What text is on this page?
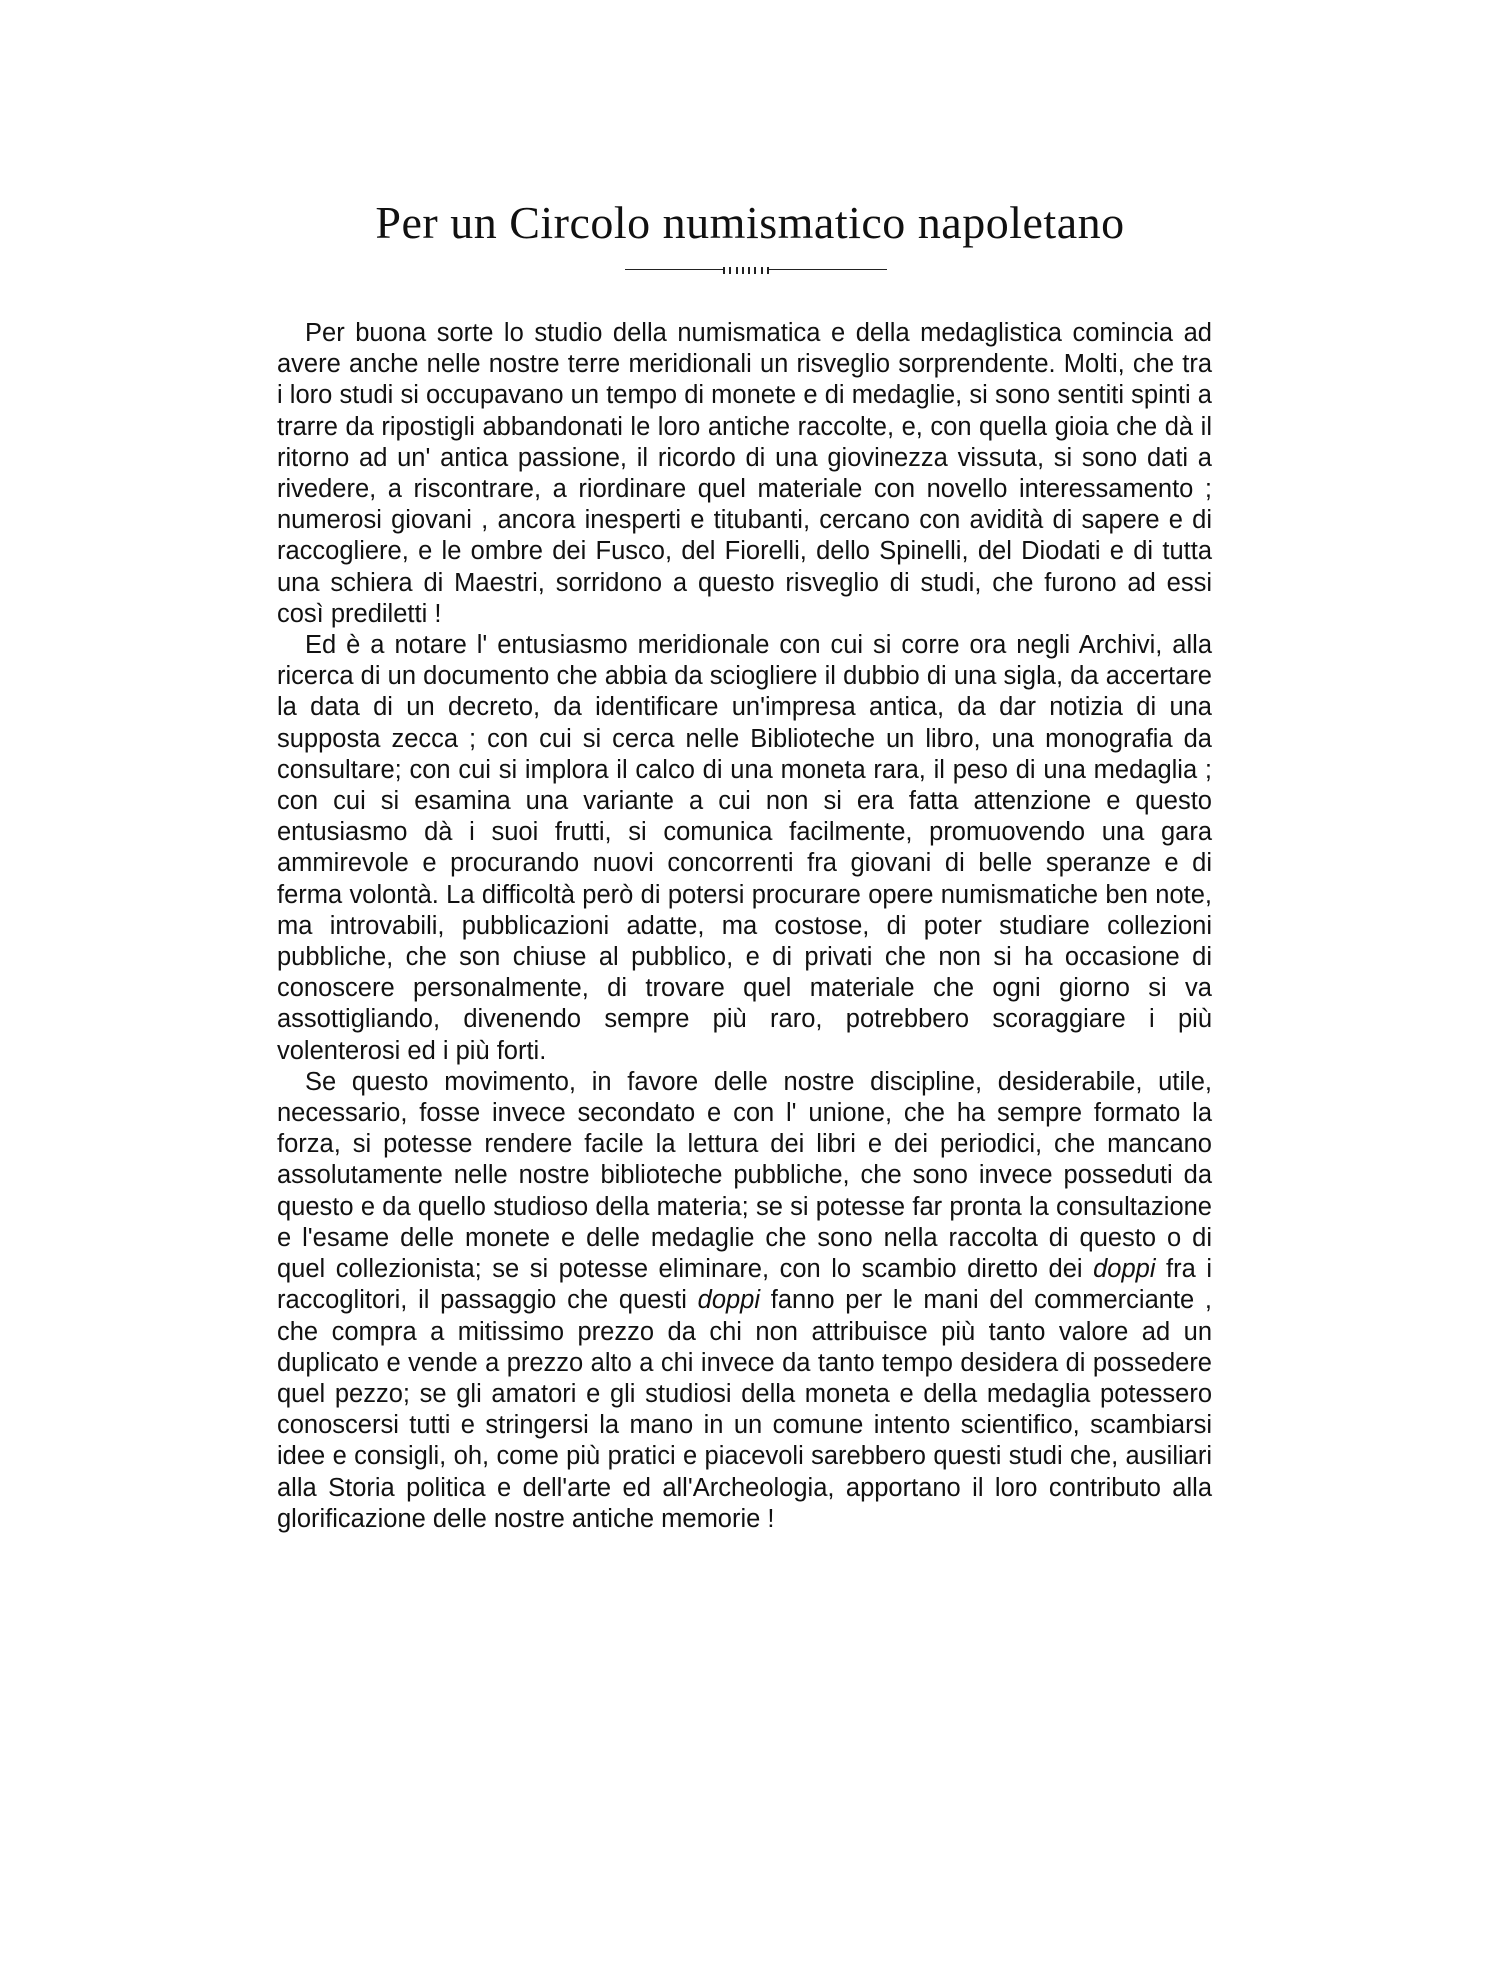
Per un Circolo numismatico napoletano

Per buona sorte lo studio della numismatica e della medaglistica comincia ad avere anche nelle nostre terre meridionali un risveglio sorprendente. Molti, che tra i loro studi si occupavano un tempo di monete e di medaglie, si sono sentiti spinti a trarre da ripostigli abbandonati le loro antiche raccolte, e, con quella gioia che dà il ritorno ad un' antica passione, il ricordo di una giovinezza vissuta, si sono dati a rivedere, a riscontrare, a riordinare quel materiale con novello interessamento ; numerosi giovani , ancora inesperti e titubanti, cercano con avidità di sapere e di raccogliere, e le ombre dei Fusco, del Fiorelli, dello Spinelli, del Diodati e di tutta una schiera di Maestri, sorridono a questo risveglio di studi, che furono ad essi così prediletti !

Ed è a notare l' entusiasmo meridionale con cui si corre ora negli Archivi, alla ricerca di un documento che abbia da sciogliere il dubbio di una sigla, da accertare la data di un decreto, da identificare un'impresa antica, da dar notizia di una supposta zecca ; con cui si cerca nelle Biblioteche un libro, una monografia da consultare; con cui si implora il calco di una moneta rara, il peso di una medaglia ; con cui si esamina una variante a cui non si era fatta attenzione e questo entusiasmo dà i suoi frutti, si comunica facilmente, promuovendo una gara ammirevole e procurando nuovi concorrenti fra giovani di belle speranze e di ferma volontà. La difficoltà però di potersi procurare opere numismatiche ben note, ma introvabili, pubblicazioni adatte, ma costose, di poter studiare collezioni pubbliche, che son chiuse al pubblico, e di privati che non si ha occasione di conoscere personalmente, di trovare quel materiale che ogni giorno si va assottigliando, divenendo sempre più raro, potrebbero scoraggiare i più volenterosi ed i più forti.

Se questo movimento, in favore delle nostre discipline, desiderabile, utile, necessario, fosse invece secondato e con l' unione, che ha sempre formato la forza, si potesse rendere facile la lettura dei libri e dei periodici, che mancano assolutamente nelle nostre biblioteche pubbliche, che sono invece posseduti da questo e da quello studioso della materia; se si potesse far pronta la consultazione e l'esame delle monete e delle medaglie che sono nella raccolta di questo o di quel collezionista; se si potesse eliminare, con lo scambio diretto dei doppi fra i raccoglitori, il passaggio che questi doppi fanno per le mani del commerciante , che compra a mitissimo prezzo da chi non attribuisce più tanto valore ad un duplicato e vende a prezzo alto a chi invece da tanto tempo desidera di possedere quel pezzo; se gli amatori e gli studiosi della moneta e della medaglia potessero conoscersi tutti e stringersi la mano in un comune intento scientifico, scambiarsi idee e consigli, oh, come più pratici e piacevoli sarebbero questi studi che, ausiliari alla Storia politica e dell'arte ed all'Archeologia, apportano il loro contributo alla glorificazione delle nostre antiche memorie !
